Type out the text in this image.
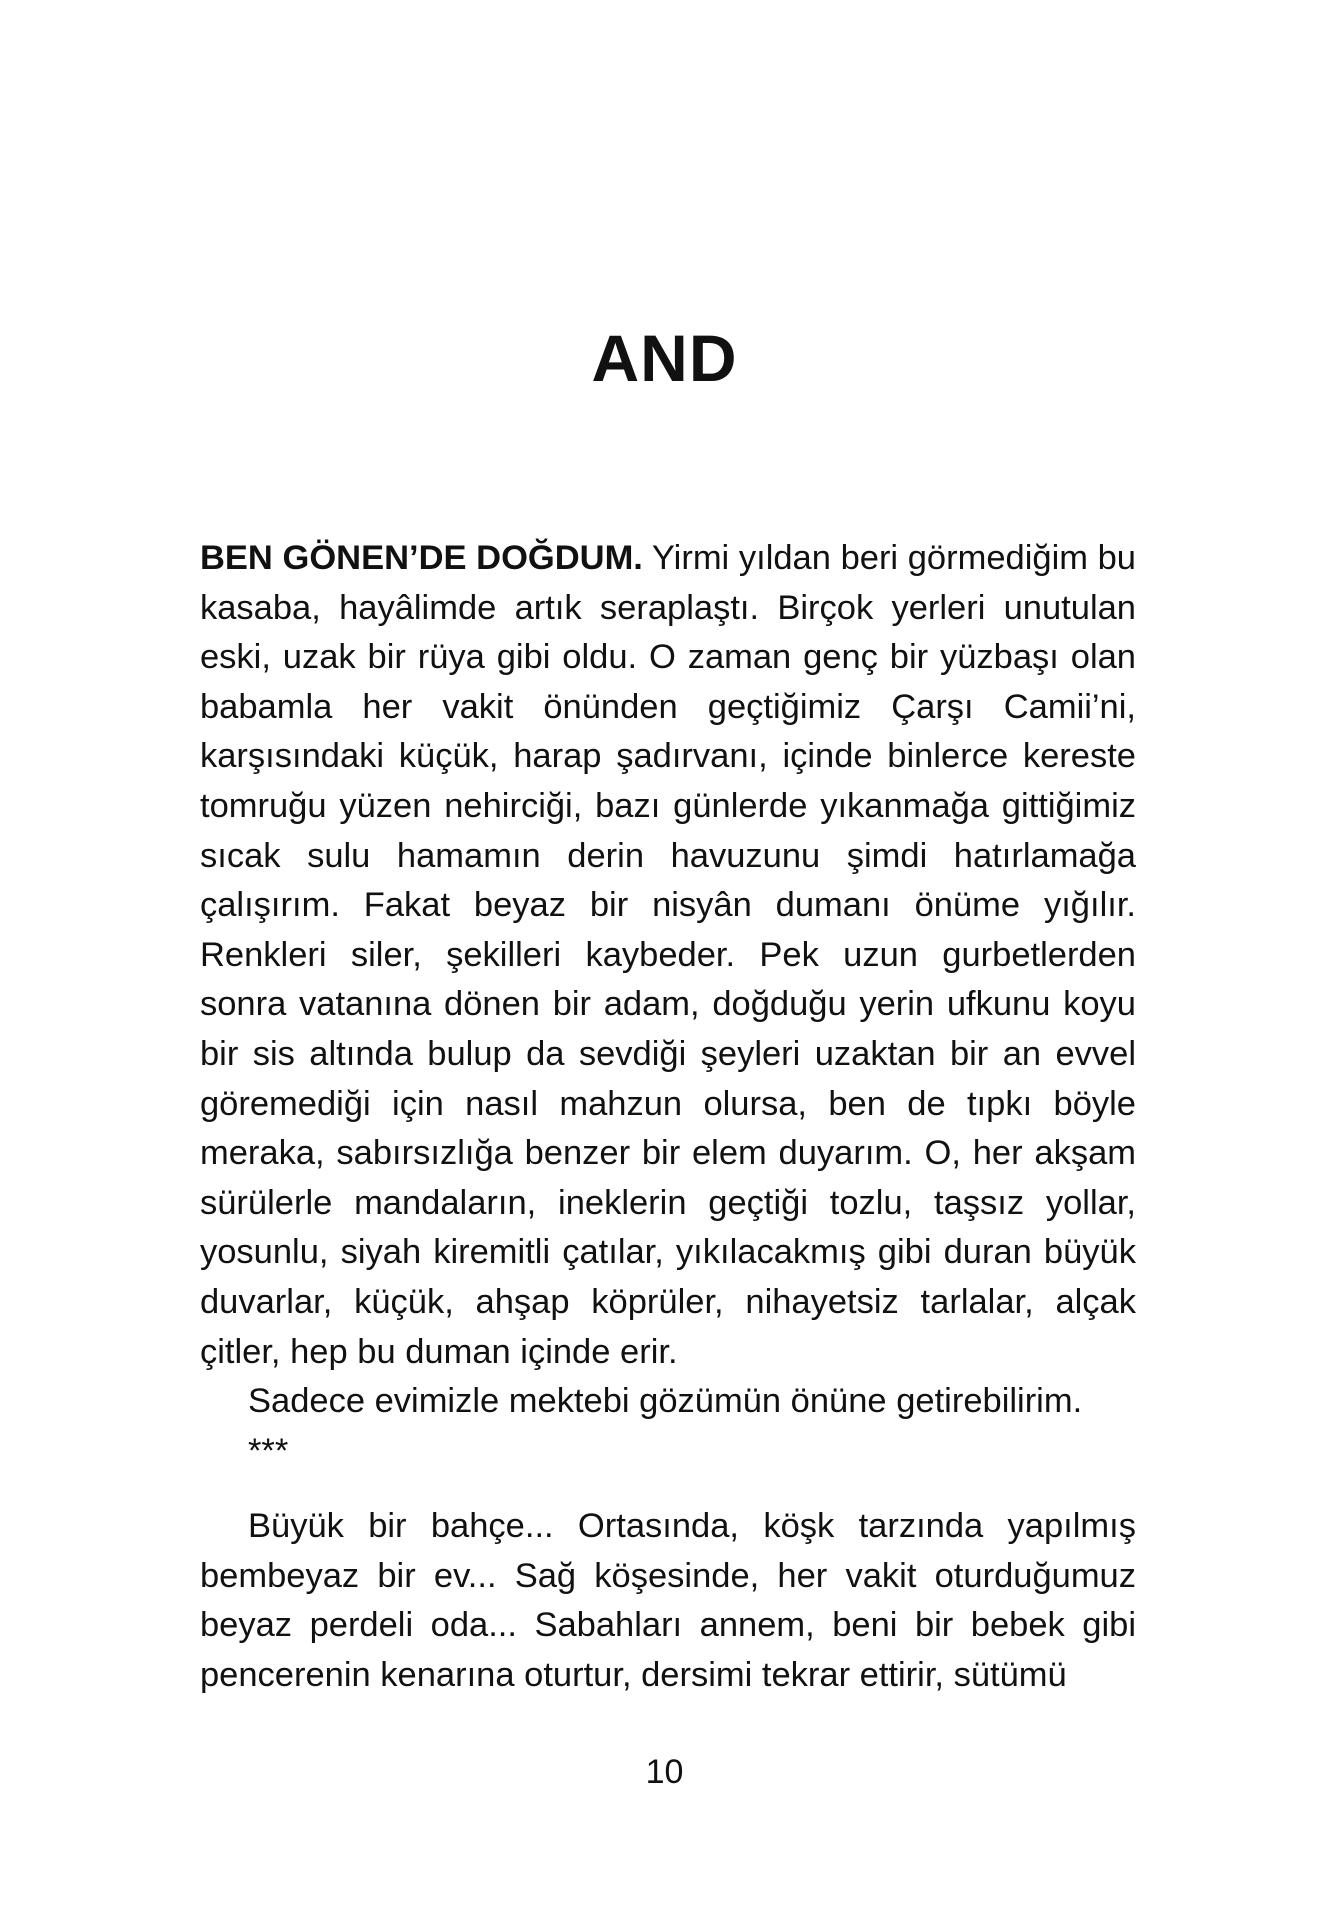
AND

BEN GÖNEN’DE DOĞDUM. Yirmi yıldan beri görmediğim bu kasaba, hayâlimde artık seraplaştı. Birçok yerleri unutulan eski, uzak bir rüya gibi oldu. O zaman genç bir yüzbaşı olan babamla her vakit önünden geçtiğimiz Çarşı Camii’ni, karşısındaki küçük, harap şadırvanı, içinde binlerce kereste tomruğu yüzen nehirciği, bazı günlerde yıkanmağa gittiğimiz sıcak sulu hamamın derin havuzunu şimdi hatırlamağa çalışırım. Fakat beyaz bir nisyân dumanı önüme yığılır. Renkleri siler, şekilleri kaybeder. Pek uzun gurbetlerden sonra vatanına dönen bir adam, doğduğu yerin ufkunu koyu bir sis altında bulup da sevdiği şeyleri uzaktan bir an evvel göremediği için nasıl mahzun olursa, ben de tıpkı böyle meraka, sabırsızlığa benzer bir elem duyarım. O, her akşam sürülerle mandaların, ineklerin geçtiği tozlu, taşsız yollar, yosunlu, siyah kiremitli çatılar, yıkılacakmış gibi duran büyük duvarlar, küçük, ahşap köprüler, nihayetsiz tarlalar, alçak çitler, hep bu duman içinde erir.

Sadece evimizle mektebi gözümün önüne getirebilirim.

***

Büyük bir bahçe... Ortasında, köşk tarzında yapılmış bembeyaz bir ev... Sağ köşesinde, her vakit oturduğumuz beyaz perdeli oda... Sabahları annem, beni bir bebek gibi pencerenin kenarına oturtur, dersimi tekrar ettirir, sütümü

10
